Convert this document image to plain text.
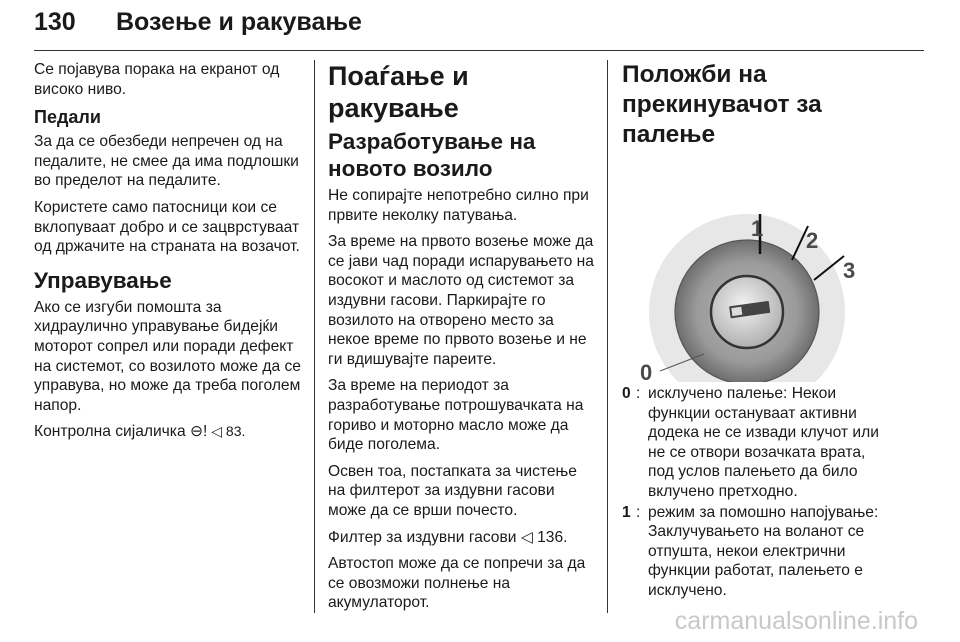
130 Возење и ракување

Се појавува порака на екранот од високо ниво.

Педали

За да се обезбеди непречен од на педалите, не смее да има подлошки во пределот на педалите.

Користете само патосници кои се вклопуваат добро и се зацврстуваат од држачите на страната на возачот.

Управување

Ако се изгуби помошта за хидраулично управување бидејќи моторот сопрел или поради дефект на системот, со возилото може да се управува, но може да треба поголем напор.

Контролна сијаличка ⊖! ◁ 83.

Поаѓање и ракување
Разработување на новото возило

Не сопирајте непотребно силно при првите неколку патувања.

За време на првото возење може да се јави чад поради испарувањето на восокот и маслото од системот за издувни гасови. Паркирајте го возилото на отворено место за некое време по првото возење и не ги вдишувајте пареите.

За време на периодот за разработување потрошувачката на гориво и моторно масло може да биде поголема.

Освен тоа, постапката за чистење на филтерот за издувни гасови може да се врши почесто.

Филтер за издувни гасови ◁ 136.

Автостоп може да се попречи за да се овозможи полнење на акумулаторот.

Положби на прекинувачот за палење
1 2
3
0
0 : исклучено палење: Некои функции остануваат активни додека не се извади клучот или не се отвори возачката врата, под услов палењето да било вклучено претходно.
1 : режим за помошно напојување: Заклучувањето на воланот се отпушта, некои електрични функции работат, палењето е исклучено.
carmanualsonline.info
